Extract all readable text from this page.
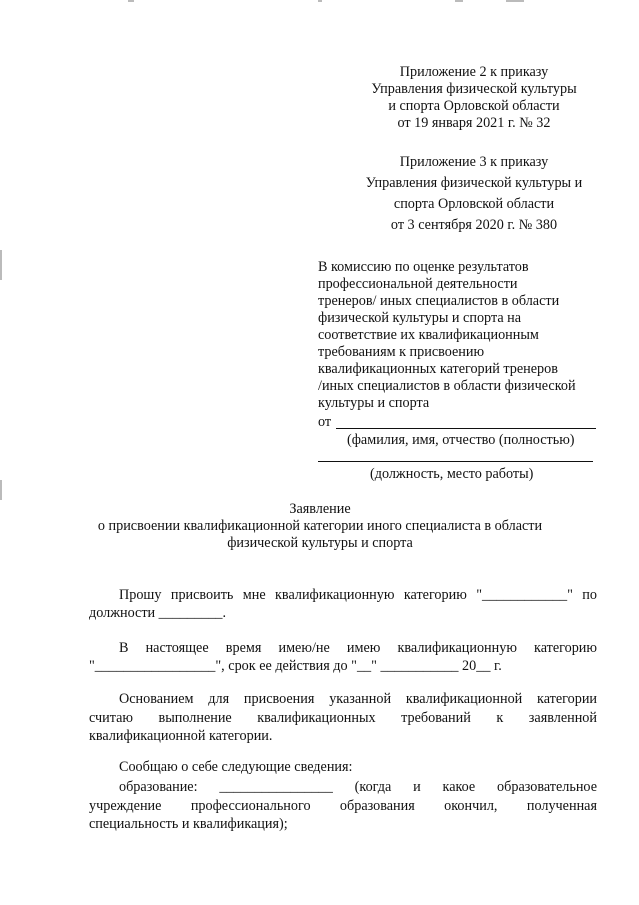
Приложение 2 к приказу
Управления физической культуры
и спорта Орловской области
от 19 января 2021 г. № 32
Приложение 3 к приказу
Управления физической культуры и
спорта Орловской области
от 3 сентября 2020 г. № 380
В комиссию по оценке результатов
профессиональной деятельности
тренеров/ иных специалистов в области
физической культуры и спорта на
соответствие их квалификационным
требованиям к присвоению
квалификационных категорий тренеров
/иных специалистов в области физической
культуры и спорта
от
(фамилия, имя, отчество (полностью)
(должность, место работы)
Заявление
о присвоении квалификационной категории иного специалиста в области
физической культуры и спорта
Прошу присвоить мне квалификационную категорию "____________" по
должности _________.
В настоящее время имею/не имею квалификационную категорию
"_________________", срок ее действия до "__" ___________ 20__ г.
Основанием для присвоения указанной квалификационной категории
считаю выполнение квалификационных требований к заявленной
квалификационной категории.
Сообщаю о себе следующие сведения:
образование: ________________ (когда и какое образовательное
учреждение профессионального образования окончил, полученная
специальность и квалификация);
